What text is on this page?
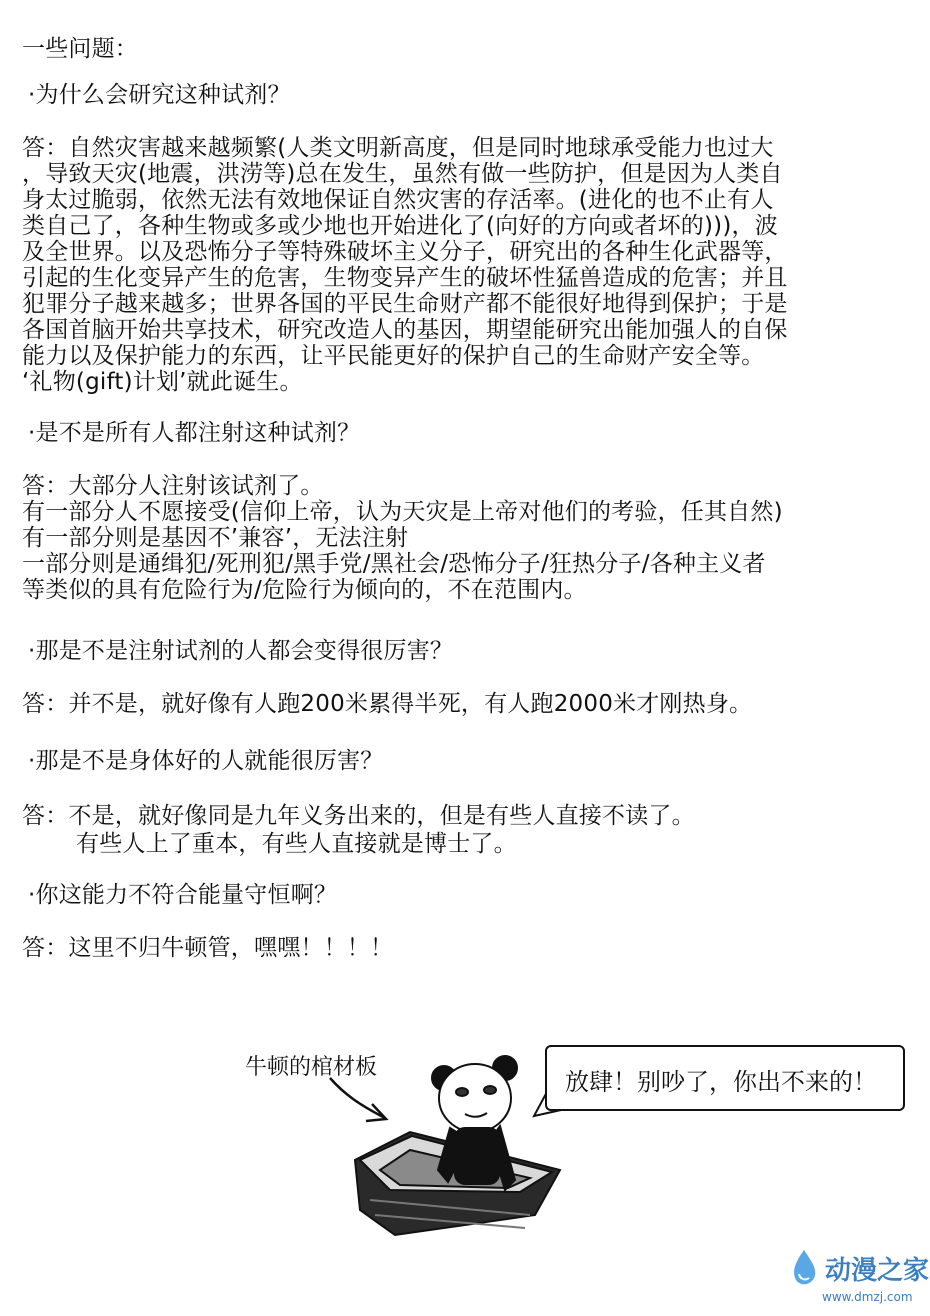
一些问题：
·为什么会研究这种试剂？
答：自然灾害越来越频繁(人类文明新高度，但是同时地球承受能力也过大
，导致天灾(地震，洪涝等)总在发生，虽然有做一些防护，但是因为人类自
身太过脆弱，依然无法有效地保证自然灾害的存活率。(进化的也不止有人
类自己了，各种生物或多或少地也开始进化了(向好的方向或者坏的)))，波
及全世界。以及恐怖分子等特殊破坏主义分子，研究出的各种生化武器等，
引起的生化变异产生的危害，生物变异产生的破坏性猛兽造成的危害；并且
犯罪分子越来越多；世界各国的平民生命财产都不能很好地得到保护；于是
各国首脑开始共享技术，研究改造人的基因，期望能研究出能加强人的自保
能力以及保护能力的东西，让平民能更好的保护自己的生命财产安全等。
‘礼物(gift)计划’就此诞生。
·是不是所有人都注射这种试剂？
答：大部分人注射该试剂了。
有一部分人不愿接受(信仰上帝，认为天灾是上帝对他们的考验，任其自然)
有一部分则是基因不’兼容’，无法注射
一部分则是通缉犯/死刑犯/黑手党/黑社会/恐怖分子/狂热分子/各种主义者
等类似的具有危险行为/危险行为倾向的，不在范围内。
·那是不是注射试剂的人都会变得很厉害？
答：并不是，就好像有人跑200米累得半死，有人跑2000米才刚热身。
·那是不是身体好的人就能很厉害？
答：不是，就好像同是九年义务出来的，但是有些人直接不读了。
有些人上了重本，有些人直接就是博士了。
·你这能力不符合能量守恒啊？
答：这里不归牛顿管，嘿嘿！！！！
牛顿的棺材板
放肆！别吵了，你出不来的！
动漫之家
www.dmzj.com
